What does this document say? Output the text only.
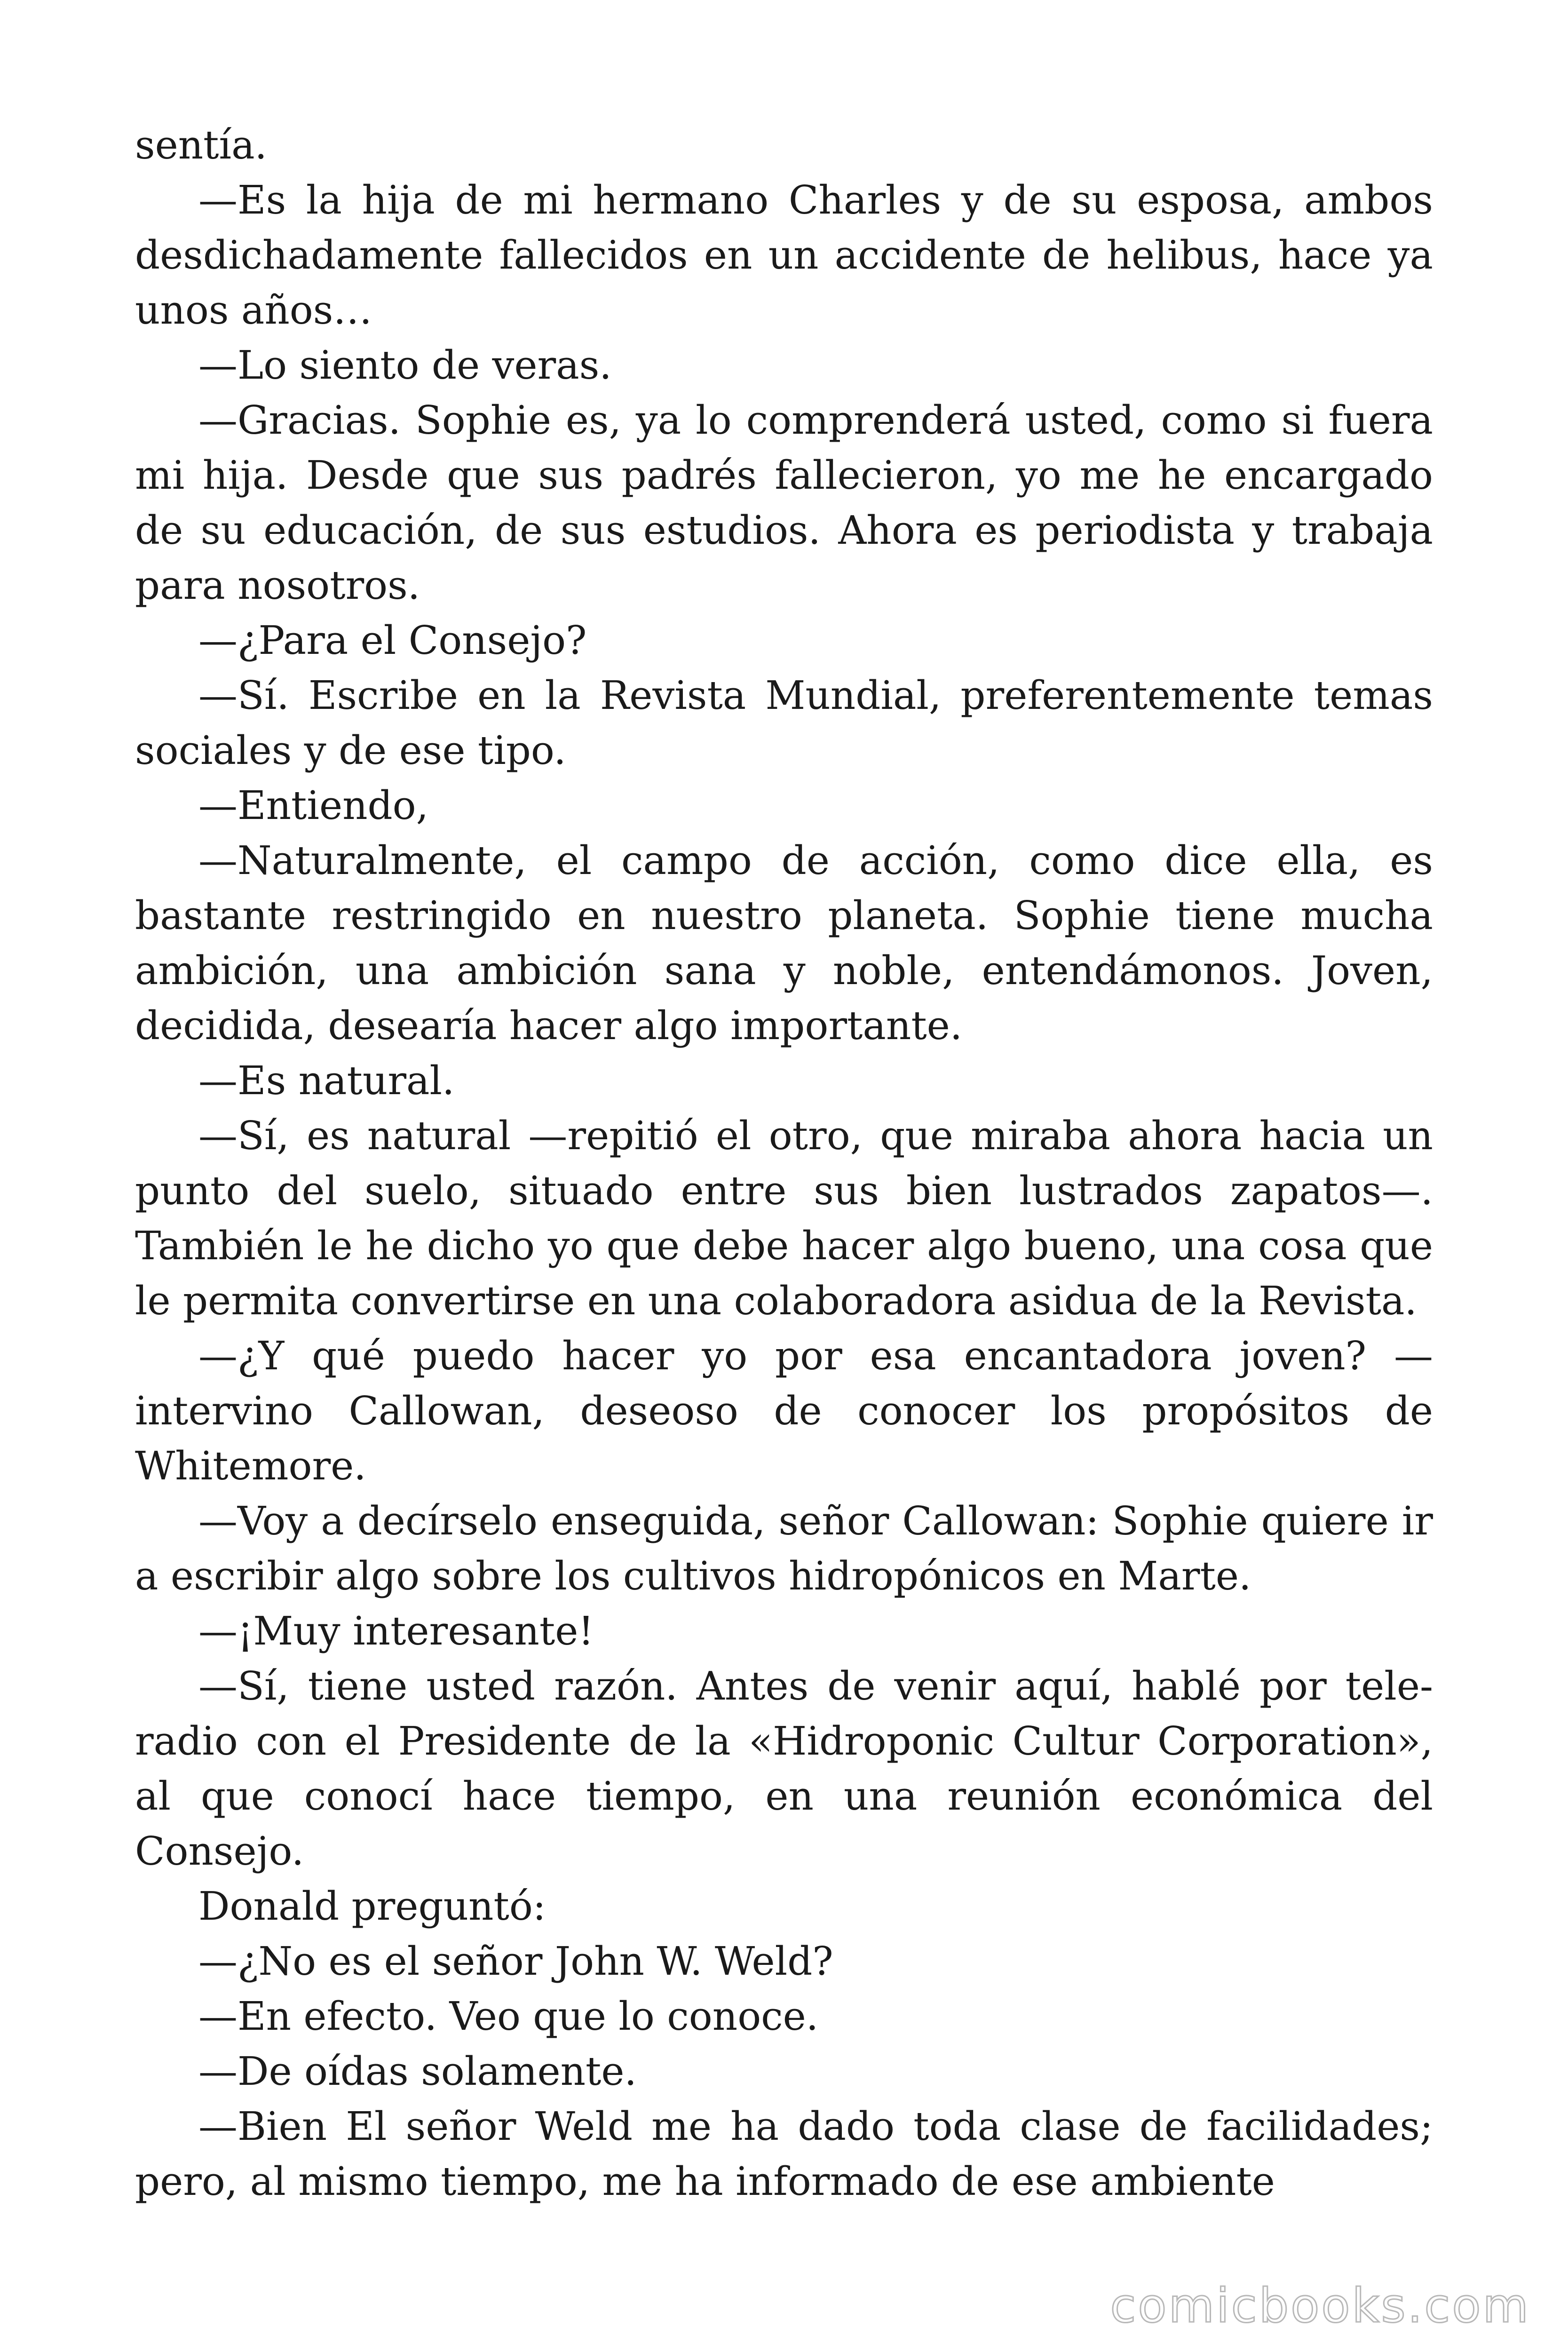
sentía.

—Es la hija de mi hermano Charles y de su esposa, ambos desdichadamente fallecidos en un accidente de helibus, hace ya unos años…

—Lo siento de veras.

—Gracias. Sophie es, ya lo comprenderá usted, como si fuera mi hija. Desde que sus padrés fallecieron, yo me he encargado de su educación, de sus estudios. Ahora es periodista y trabaja para nosotros.

—¿Para el Consejo?

—Sí. Escribe en la Revista Mundial, preferentemente temas sociales y de ese tipo.

—Entiendo,

—Naturalmente, el campo de acción, como dice ella, es bastante restringido en nuestro planeta. Sophie tiene mucha ambición, una ambición sana y noble, entendámonos. Joven, decidida, desearía hacer algo importante.

—Es natural.

—Sí, es natural —repitió el otro, que miraba ahora hacia un punto del suelo, situado entre sus bien lustrados zapatos—. También le he dicho yo que debe hacer algo bueno, una cosa que le permita convertirse en una colaboradora asidua de la Revista.

—¿Y qué puedo hacer yo por esa encantadora joven? —intervino Callowan, deseoso de conocer los propósitos de Whitemore.

—Voy a decírselo enseguida, señor Callowan: Sophie quiere ir a escribir algo sobre los cultivos hidropónicos en Marte.

—¡Muy interesante!

—Sí, tiene usted razón. Antes de venir aquí, hablé por tele-radio con el Presidente de la «Hidroponic Cultur Corporation», al que conocí hace tiempo, en una reunión económica del Consejo.

Donald preguntó:

—¿No es el señor John W. Weld?

—En efecto. Veo que lo conoce.

—De oídas solamente.

—Bien El señor Weld me ha dado toda clase de facilidades; pero, al mismo tiempo, me ha informado de ese ambiente

comicbooks.com
